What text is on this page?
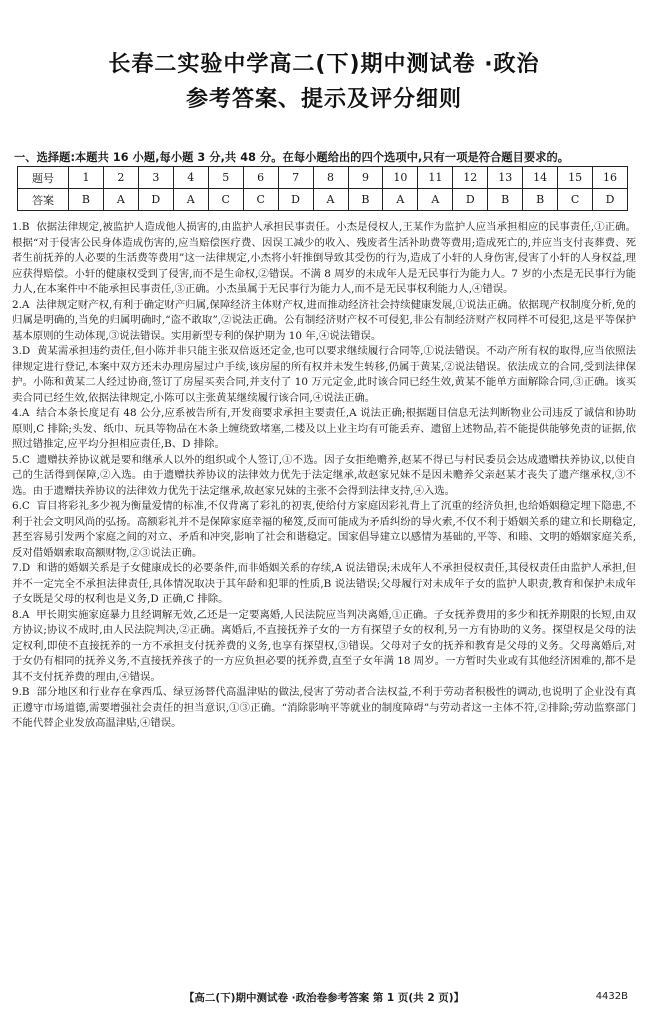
长春二实验中学高二(下)期中测试卷 ·政治
参考答案、提示及评分细则
一、选择题:本题共 16 小题,每小题 3 分,共 48 分。在每小题给出的四个选项中,只有一项是符合题目要求的。
题号	1	2	3	4	5	6	7	8	9	10	11	12	13	14	15	16
答案	B	A	D	A	C	C	D	A	B	A	A	D	B	B	C	D

1.B 依据法律规定,被监护人造成他人损害的,由监护人承担民事责任。小杰是侵权人,王某作为监护人应当承担相应的民事责任,①正确。根据“对于侵害公民身体造成伤害的,应当赔偿医疗费、因误工减少的收入、残废者生活补助费等费用;造成死亡的,并应当支付丧葬费、死者生前抚养的人必要的生活费等费用”这一法律规定,小杰将小轩推倒导致其受伤的行为,造成了小轩的人身伤害,侵害了小轩的人身权益,理应获得赔偿。小轩的健康权受到了侵害,而不是生命权,②错误。不满 8 周岁的未成年人是无民事行为能力人。7 岁的小杰是无民事行为能力人,在本案件中不能承担民事责任,③正确。小杰虽属于无民事行为能力人,而不是无民事权利能力人,④错误。

2.A 法律规定财产权,有利于确定财产归属,保障经济主体财产权,进而推动经济社会持续健康发展,①说法正确。依据现产权制度分析,免的归属是明确的,当免的归属明确时,“盗不敢取”,②说法正确。公有制经济财产权不可侵犯,非公有制经济财产权同样不可侵犯,这是平等保护基本原则的生动体现,③说法错误。实用新型专利的保护期为 10 年,④说法错误。

3.D 黄某需承担违约责任,但小陈并非只能主张双倍返还定金,也可以要求继续履行合同等,①说法错误。不动产所有权的取得,应当依照法律规定进行登记,本案中双方还未办理房屋过户手续,该房屋的所有权并未发生转移,仍属于黄某,②说法错误。依法成立的合同,受到法律保护。小陈和黄某二人经过协商,签订了房屋买卖合同,并支付了 10 万元定金,此时该合同已经生效,黄某不能单方面解除合同,③正确。该买卖合同已经生效,依据法律规定,小陈可以主张黄某继续履行该合同,④说法正确。

4.A 结合本条长度足有 48 公分,应系被告所有,开发商要求承担主要责任,A 说法正确;根据题目信息无法判断物业公司违反了诚信和协助原则,C 排除;头发、纸巾、玩具等物品在木条上缠绕致堵塞,二楼及以上业主均有可能丢弃、遗留上述物品,若不能提供能够免责的证据,依照过错推定,应平均分担相应责任,B、D 排除。

5.C 遗赠扶养协议就是要和继承人以外的组织或个人签订,①不选。因子女拒绝赡养,赵某不得已与村民委员会达成遗赠扶养协议,以使自己的生活得到保障,②入选。由于遗赠扶养协议的法律效力优先于法定继承,故赵家兄妹不是因未赡养父亲赵某才丧失了遗产继承权,③不选。由于遗赠扶养协议的法律效力优先于法定继承,故赵家兄妹的主张不会得到法律支持,④入选。

6.C 盲目将彩礼多少视为衡量爱情的标准,不仅背离了彩礼的初衷,使给付方家庭因彩礼背上了沉重的经济负担,也给婚姻稳定埋下隐患,不利于社会文明风尚的弘扬。高额彩礼并不是保障家庭幸福的秘笈,反而可能成为矛盾纠纷的导火索,不仅不利于婚姻关系的建立和长期稳定,甚至容易引发两个家庭之间的对立、矛盾和冲突,影响了社会和谐稳定。国家倡导建立以感情为基础的,平等、和睦、文明的婚姻家庭关系,反对借婚姻索取高额财物,②③说法正确。

7.D 和谐的婚姻关系是子女健康成长的必要条件,而非婚姻关系的存续,A 说法错误;未成年人不承担侵权责任,其侵权责任由监护人承担,但并不一定完全不承担法律责任,具体情况取决于其年龄和犯罪的性质,B 说法错误;父母履行对未成年子女的监护人职责,教育和保护未成年子女既是父母的权利也是义务,D 正确,C 排除。

8.A 甲长期实施家庭暴力且经调解无效,乙还是一定要离婚,人民法院应当判决离婚,①正确。子女抚养费用的多少和抚养期限的长短,由双方协议;协议不成时,由人民法院判决,②正确。离婚后,不直接抚养子女的一方有探望子女的权利,另一方有协助的义务。探望权是父母的法定权利,即使不直接抚养的一方不承担支付抚养费的义务,也享有探望权,③错误。父母对子女的抚养和教育是父母的义务。父母离婚后,对于女仍有相同的抚养义务,不直接抚养孩子的一方应负担必要的抚养费,直至子女年满 18 周岁。一方暂时失业或有其他经济困难的,都不是其不支付抚养费的理由,④错误。

9.B 部分地区和行业存在拿西瓜、绿豆汤替代高温津贴的做法,侵害了劳动者合法权益,不利于劳动者积极性的调动,也说明了企业没有真正遵守市场道德,需要增强社会责任的担当意识,①③正确。“消除影响平等就业的制度障碍”与劳动者这一主体不符,②排除;劳动监察部门不能代替企业发放高温津贴,④错误。

【高二(下)期中测试卷 ·政治卷参考答案 第 1 页(共 2 页)】	4432B
